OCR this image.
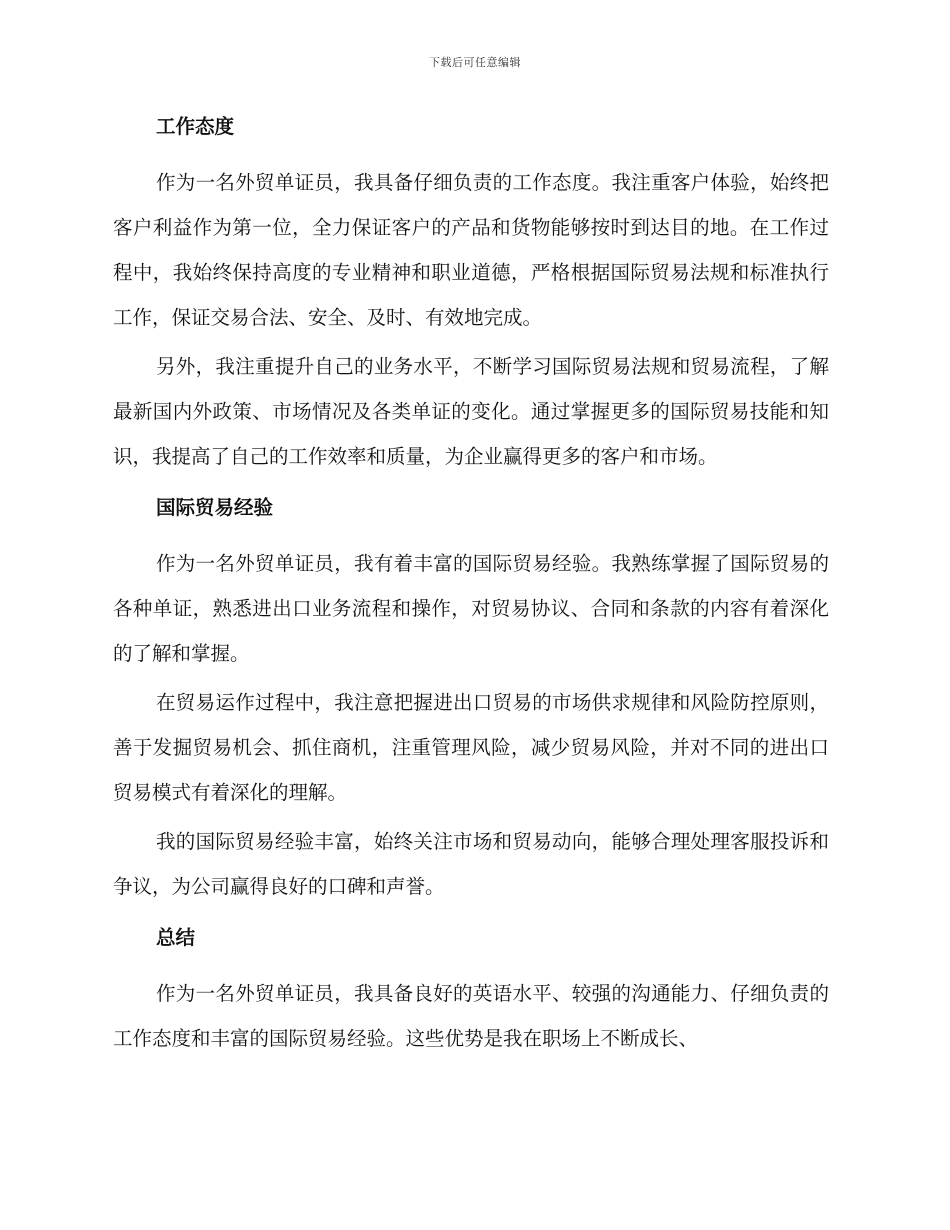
下载后可任意编辑
工作态度

作为一名外贸单证员，我具备仔细负责的工作态度。我注重客户体验，始终把客户利益作为第一位，全力保证客户的产品和货物能够按时到达目的地。在工作过程中，我始终保持高度的专业精神和职业道德，严格根据国际贸易法规和标准执行工作，保证交易合法、安全、及时、有效地完成。

另外，我注重提升自己的业务水平，不断学习国际贸易法规和贸易流程，了解最新国内外政策、市场情况及各类单证的变化。通过掌握更多的国际贸易技能和知识，我提高了自己的工作效率和质量，为企业赢得更多的客户和市场。

国际贸易经验

作为一名外贸单证员，我有着丰富的国际贸易经验。我熟练掌握了国际贸易的各种单证，熟悉进出口业务流程和操作，对贸易协议、合同和条款的内容有着深化的了解和掌握。

在贸易运作过程中，我注意把握进出口贸易的市场供求规律和风险防控原则，善于发掘贸易机会、抓住商机，注重管理风险，减少贸易风险，并对不同的进出口贸易模式有着深化的理解。

我的国际贸易经验丰富，始终关注市场和贸易动向，能够合理处理客服投诉和争议，为公司赢得良好的口碑和声誉。

总结

作为一名外贸单证员，我具备良好的英语水平、较强的沟通能力、仔细负责的工作态度和丰富的国际贸易经验。这些优势是我在职场上不断成长、
